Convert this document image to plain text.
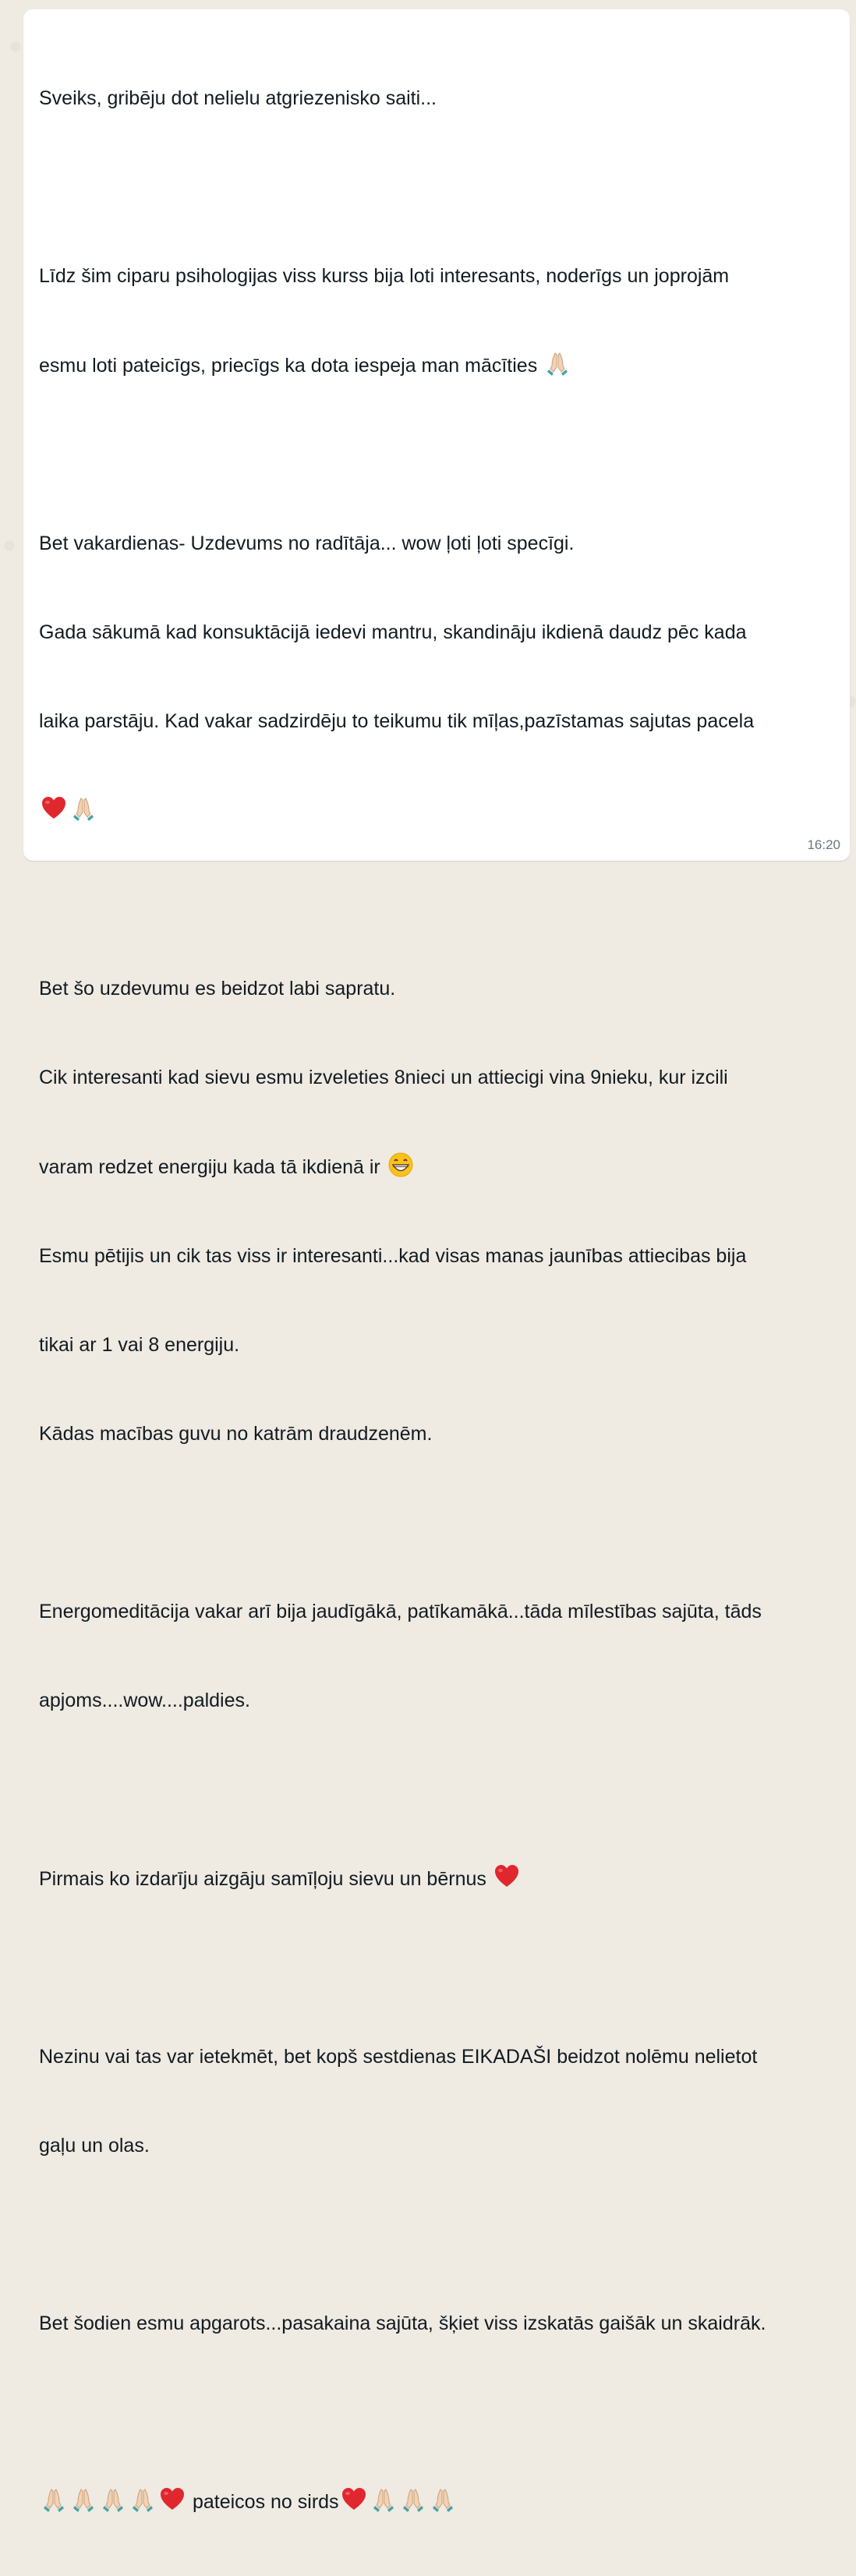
Sveiks, gribēju dot nelielu atgriezenisko saiti...

Līdz šim ciparu psihologijas viss kurss bija loti interesants, noderīgs un joprojām

esmu loti pateicīgs, priecīgs ka dota iespeja man mācīties

Bet vakardienas- Uzdevums no radītāja... wow ļoti ļoti specīgi.

Gada sākumā kad konsuktācijā iedevi mantru, skandināju ikdienā daudz pēc kada

laika parstāju. Kad vakar sadzirdēju to teikumu tik mīļas,pazīstamas sajutas pacela

Bet šo uzdevumu es beidzot labi sapratu.

Cik interesanti kad sievu esmu izveleties 8nieci un attiecigi vina 9nieku, kur izcili

varam redzet energiju kada tā ikdienā ir

Esmu pētijis un cik tas viss ir interesanti...kad visas manas jaunības attiecibas bija

tikai ar 1 vai 8 energiju.

Kādas macības guvu no katrām draudzenēm.

Energomeditācija vakar arī bija jaudīgākā, patīkamākā...tāda mīlestības sajūta, tāds

apjoms....wow....paldies.

Pirmais ko izdarīju aizgāju samīļoju sievu un bērnus

Nezinu vai tas var ietekmēt, bet kopš sestdienas EIKADAŠI beidzot nolēmu nelietot

gaļu un olas.

Bet šodien esmu apgarots...pasakaina sajūta, šķiet viss izskatās gaišāk un skaidrāk.

pateicos no sirds

16:20
